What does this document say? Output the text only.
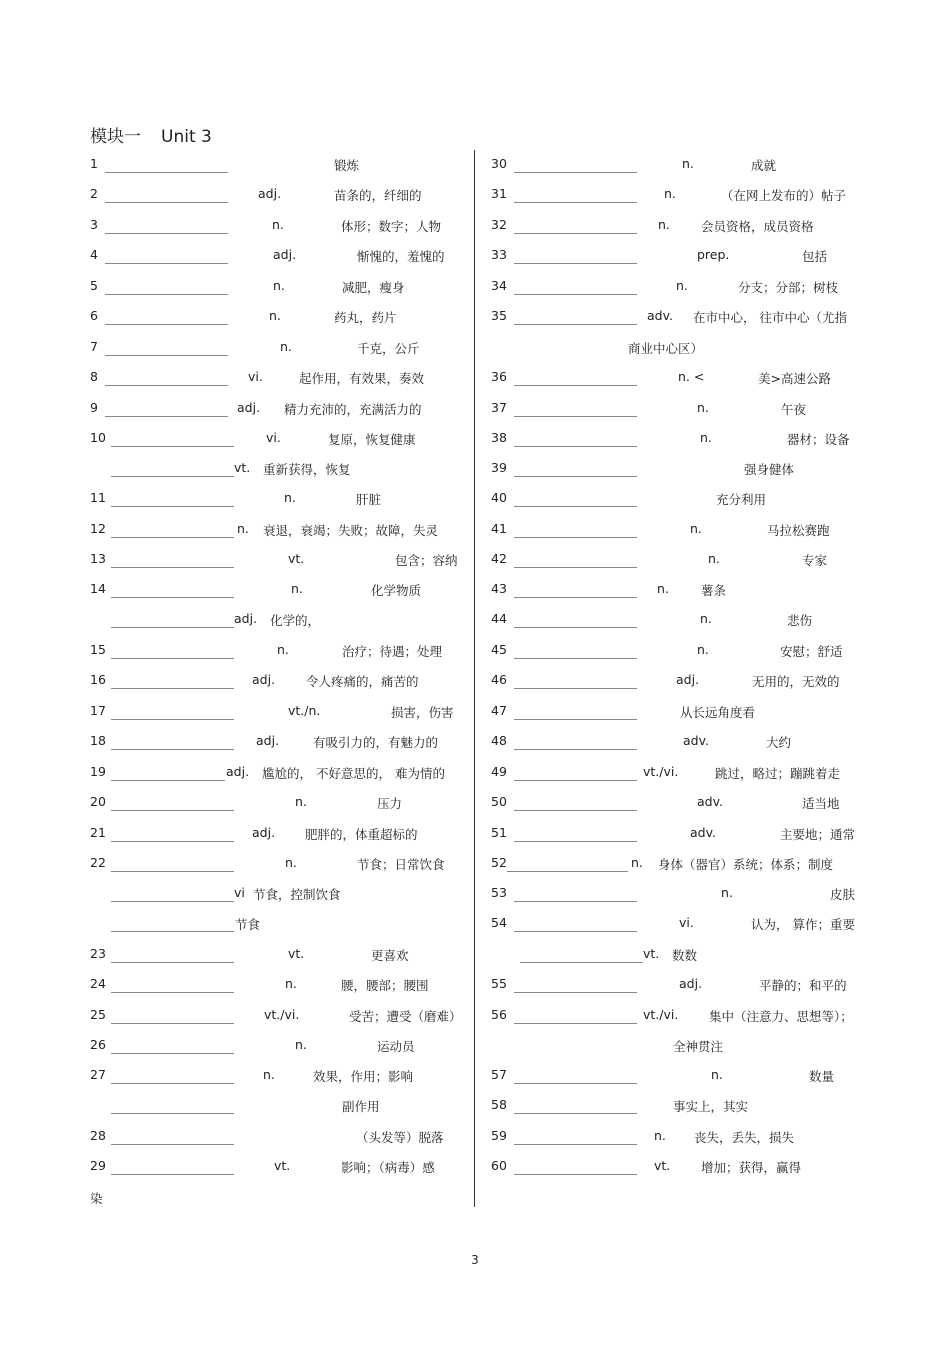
模块一 Unit 3
1	锻炼
2	adj.	苗条的，纤细的
3	n.	体形；数字；人物
4	adj.	惭愧的，羞愧的
5	n.	减肥，瘦身
6	n.	药丸，药片
7	n.	千克，公斤
8	vi.	起作用，有效果，奏效
9	adj. 精力充沛的，充满活力的
10	vi.	复原，恢复健康
vt. 重新获得，恢复
11	n.	肝脏
12	n. 衰退，衰竭；失败；故障，失灵
13	vt.	包含；容纳
14	n.	化学物质
adj. 化学的，
15	n.	治疗；待遇；处理
16	adj. 令人疼痛的，痛苦的
17	vt./n.	损害，伤害
18	adj.	有吸引力的，有魅力的
19	adj. 尴尬的， 不好意思的， 难为情的
20	n.	压力
21	adj. 肥胖的，体重超标的
22	n.	节食；日常饮食
vi 节食，控制饮食
节食
23	vt.	更喜欢
24	n.	腰，腰部；腰围
25	vt./vi.	受苦；遭受（磨难）
26	n.	运动员
27	n.	效果，作用；影响
副作用
28	（头发等）脱落
29	vt.	影响；（病毒）感
染
30	n.	成就
31	n.	（在网上发布的）帖子
32	n. 会员资格，成员资格
33	prep.	包括
34	n.	分支；分部；树枝
35	adv. 在市中心， 往市中心（尤指
商业中心区）
36	n. <	美>高速公路
37	n.	午夜
38	n.	器材；设备
39	强身健体
40	充分利用
41	n.	马拉松赛跑
42	n.	专家
43	n.	薯条
44	n.	悲伤
45	n.	安慰；舒适
46	adj.	无用的，无效的
47	从长远角度看
48	adv.	大约
49	vt./vi.	跳过，略过；蹦跳着走
50	adv.	适当地
51	adv.	主要地；通常
52	n. 身体（器官）系统；体系；制度
53	n.	皮肤
54	vi.	认为， 算作；重要
vt. 数数
55	adj.	平静的；和平的
56	vt./vi. 集中（注意力、思想等）；
全神贯注
57	n.	数量
58	事实上，其实
59	n. 丧失，丢失，损失
60	vt. 增加；获得，赢得
3
